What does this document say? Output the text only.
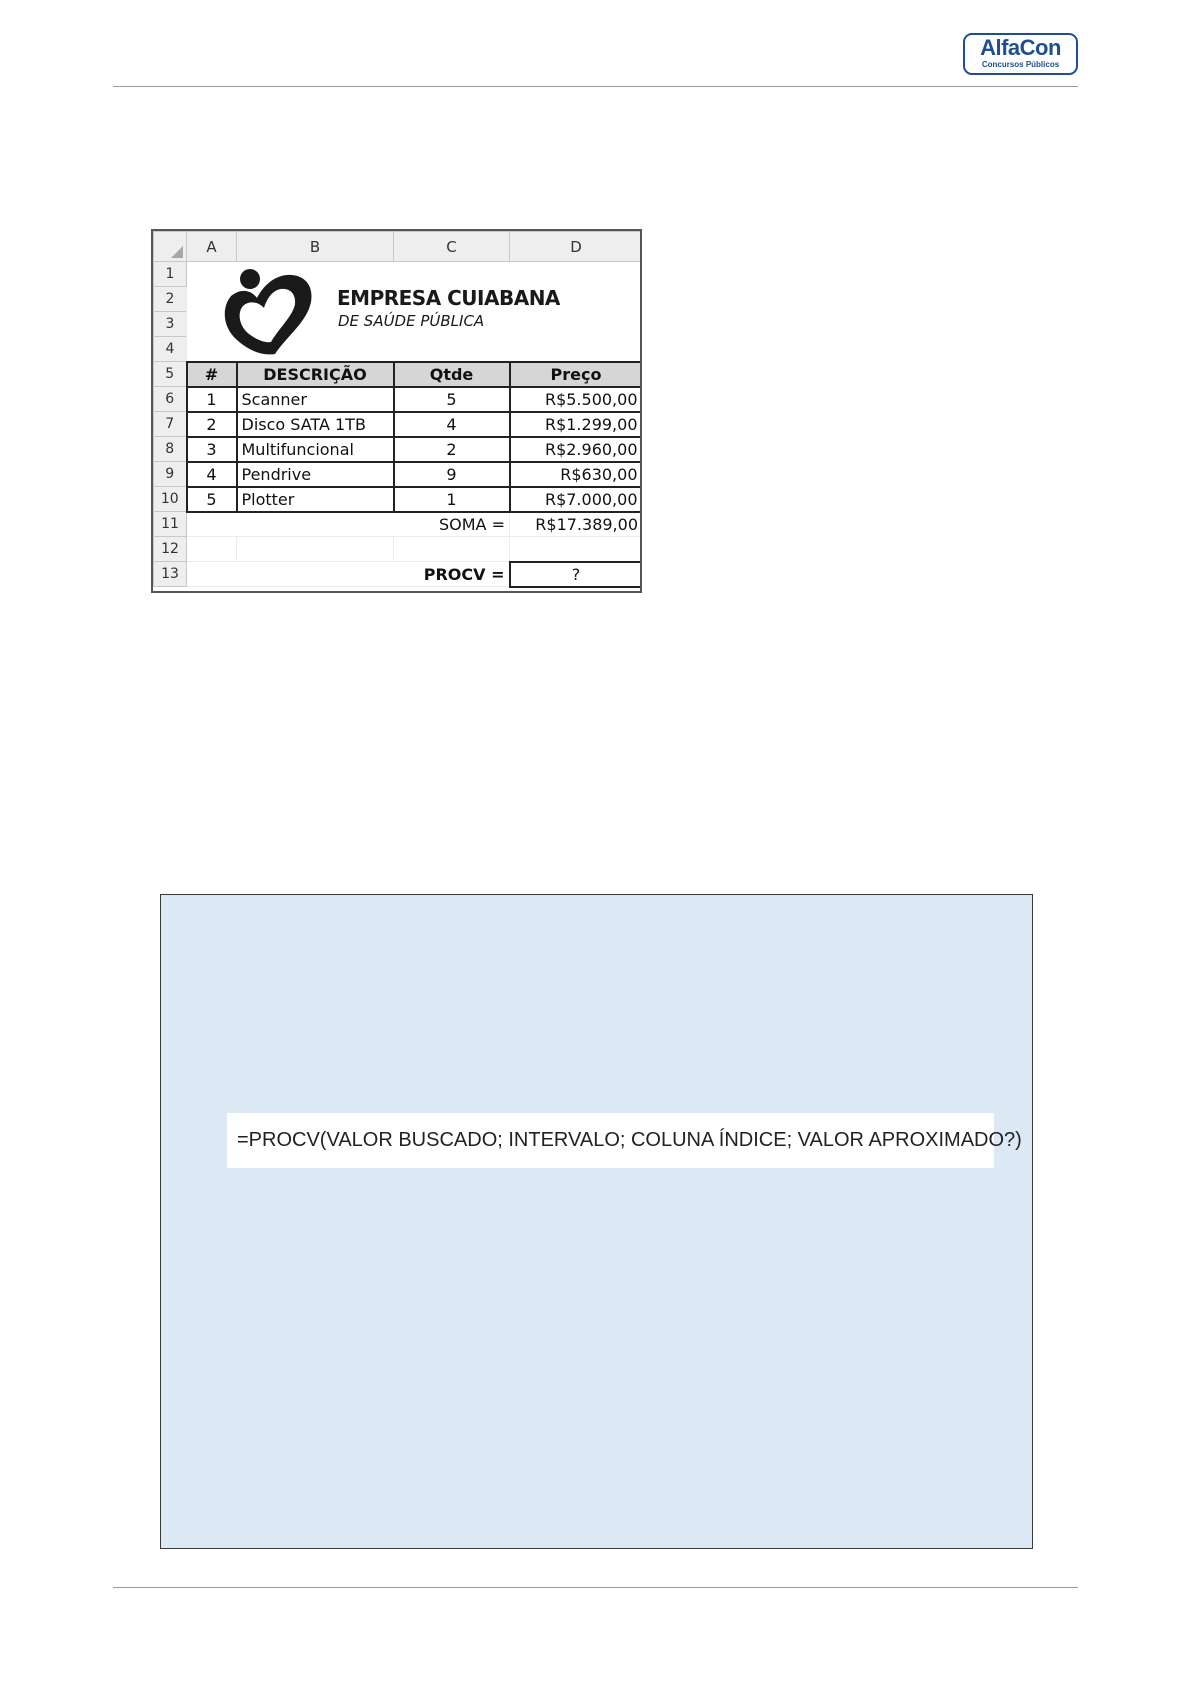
AlfaCon
Concursos Públicos
	A	B	C	D
1	EMPRESA CUIABANA
DE SAÚDE PÚBLICA			

2				
3				
4				
5	#	DESCRIÇÃO	Qtde	Preço
6	1	Scanner	5	R$5.500,00
7	2	Disco SATA 1TB	4	R$1.299,00
8	3	Multifuncional	2	R$2.960,00
9	4	Pendrive	9	R$630,00
10	5	Plotter	1	R$7.000,00
11	SOMA =			R$17.389,00
12				
13	PROCV =			?
=PROCV(VALOR BUSCADO; INTERVALO; COLUNA ÍNDICE; VALOR APROXIMADO?)
